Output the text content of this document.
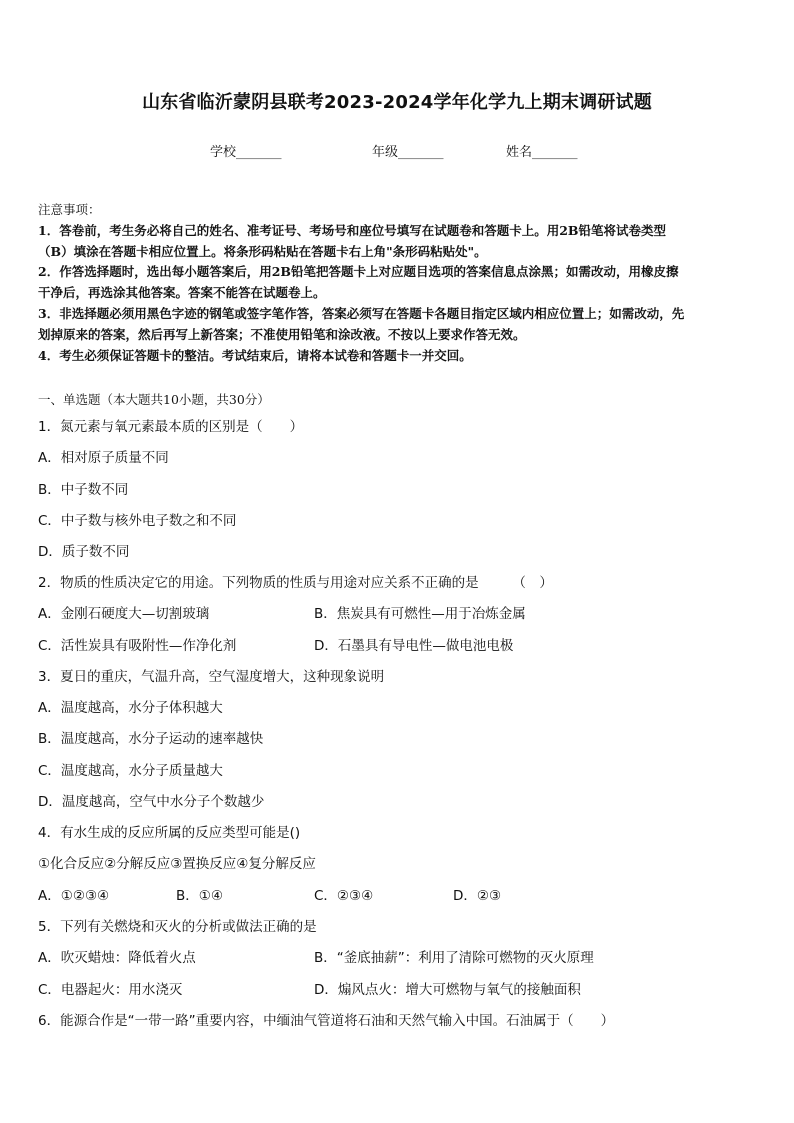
山东省临沂蒙阴县联考2023-2024学年化学九上期末调研试题
学校_______	年级_______	姓名_______
注意事项：
1．答卷前，考生务必将自己的姓名、准考证号、考场号和座位号填写在试题卷和答题卡上。用2B铅笔将试卷类型
（B）填涂在答题卡相应位置上。将条形码粘贴在答题卡右上角"条形码粘贴处"。
2．作答选择题时，选出每小题答案后，用2B铅笔把答题卡上对应题目选项的答案信息点涂黑；如需改动，用橡皮擦
干净后，再选涂其他答案。答案不能答在试题卷上。
3．非选择题必须用黑色字迹的钢笔或签字笔作答，答案必须写在答题卡各题目指定区域内相应位置上；如需改动，先
划掉原来的答案，然后再写上新答案；不准使用铅笔和涂改液。不按以上要求作答无效。
4．考生必须保证答题卡的整洁。考试结束后，请将本试卷和答题卡一并交回。
一、单选题（本大题共10小题，共30分）
1．氮元素与氧元素最本质的区别是（　　）
A．相对原子质量不同
B．中子数不同
C．中子数与核外电子数之和不同
D．质子数不同
2．物质的性质决定它的用途。下列物质的性质与用途对应关系不正确的是　　　（　）
A．金刚石硬度大—切割玻璃	B．焦炭具有可燃性—用于冶炼金属
C．活性炭具有吸附性—作净化剂	D．石墨具有导电性—做电池电极
3．夏日的重庆，气温升高，空气湿度增大，这种现象说明
A．温度越高，水分子体积越大
B．温度越高，水分子运动的速率越快
C．温度越高，水分子质量越大
D．温度越高，空气中水分子个数越少
4．有水生成的反应所属的反应类型可能是()
①化合反应②分解反应③置换反应④复分解反应
A．①②③④	B．①④	C．②③④	D．②③
5．下列有关燃烧和灭火的分析或做法正确的是
A．吹灭蜡烛：降低着火点	B．“釜底抽薪”：利用了清除可燃物的灭火原理
C．电器起火：用水浇灭	D．煽风点火：增大可燃物与氧气的接触面积
6．能源合作是“一带一路”重要内容，中缅油气管道将石油和天然气输入中国。石油属于（　　）
